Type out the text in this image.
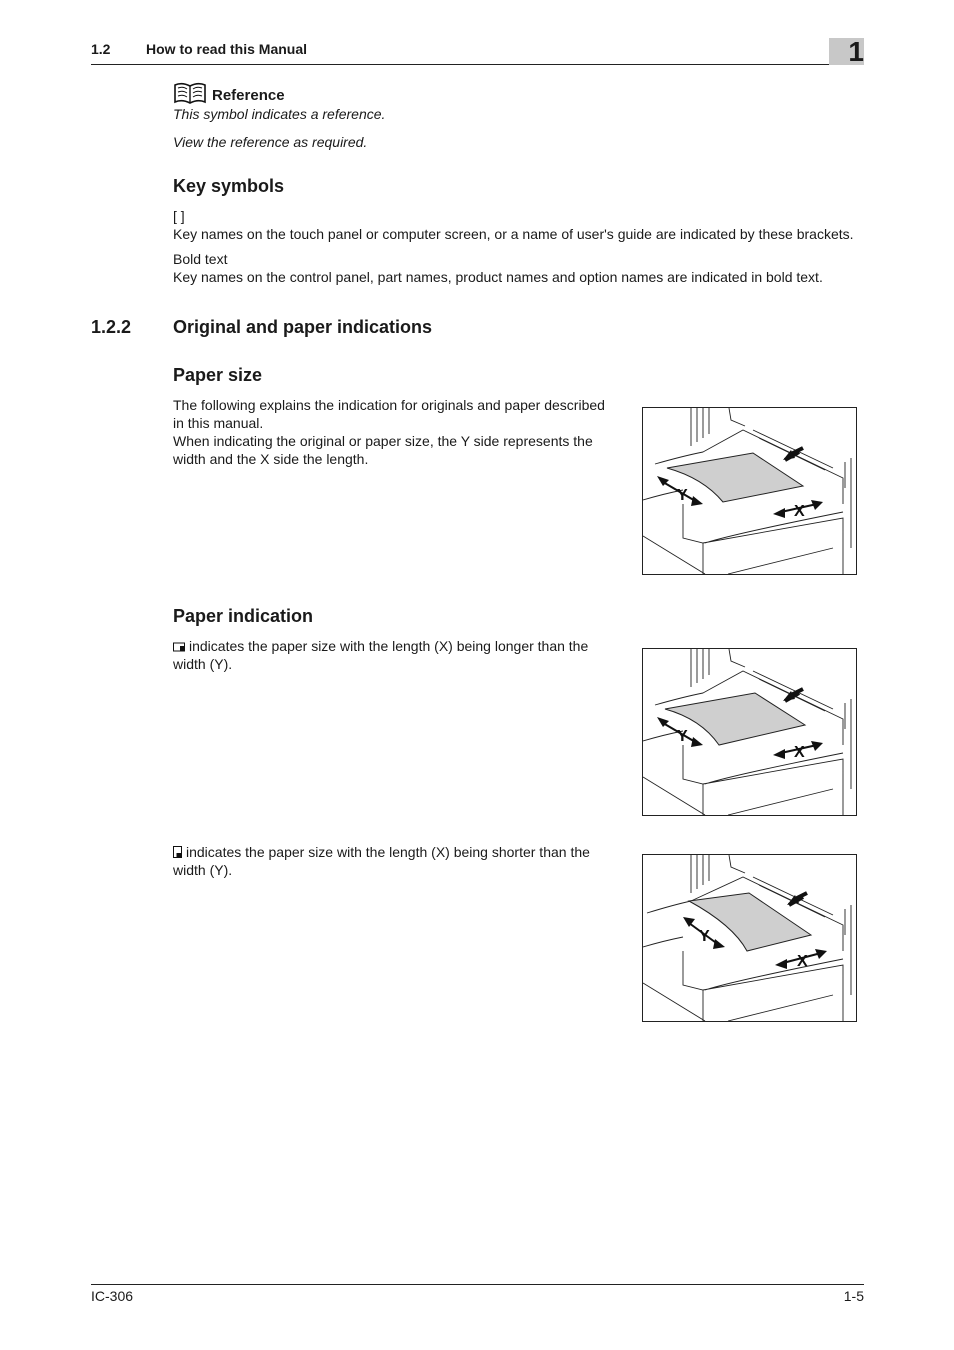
1.2	How to read this Manual	1
Reference
This symbol indicates a reference.
View the reference as required.
Key symbols
[ ]
Key names on the touch panel or computer screen, or a name of user's guide are indicated by these brackets.
Bold text
Key names on the control panel, part names, product names and option names are indicated in bold text.
1.2.2 Original and paper indications
Paper size
The following explains the indication for originals and paper described
in this manual.
When indicating the original or paper size, the Y side represents the
width and the X side the length.
Y
X
Paper indication
indicates the paper size with the length (X) being longer than the
width (Y).
Y
X
indicates the paper size with the length (X) being shorter than the
width (Y).
Y
X
IC-306	1-5
